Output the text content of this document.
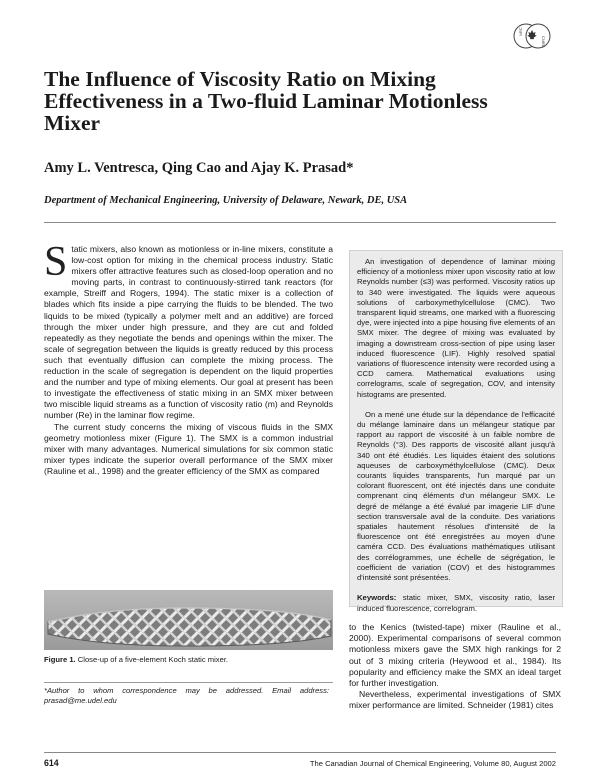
NRC
CNRC
The Influence of Viscosity Ratio on Mixing Effectiveness in a Two-fluid Laminar Motionless Mixer
Amy L. Ventresca, Qing Cao and Ajay K. Prasad*
Department of Mechanical Engineering, University of Delaware, Newark, DE, USA

Static mixers, also known as motionless or in-line mixers, constitute a low-cost option for mixing in the chemical process industry. Static mixers offer attractive features such as closed-loop operation and no moving parts, in contrast to continuously-stirred tank reactors (for example, Streiff and Rogers, 1994). The static mixer is a collection of blades which fits inside a pipe carrying the fluids to be blended. The two liquids to be mixed (typically a polymer melt and an additive) are forced through the mixer under high pressure, and they are cut and folded repeatedly as they negotiate the bends and openings within the mixer. The scale of segregation between the liquids is greatly reduced by this process such that eventually diffusion can complete the mixing process. The reduction in the scale of segregation is dependent on the liquid properties and the number and type of mixing elements. Our goal at present has been to investigate the effectiveness of static mixing in an SMX mixer between two miscible liquid streams as a function of viscosity ratio (m) and Reynolds number (Re) in the laminar flow regime.

The current study concerns the mixing of viscous fluids in the SMX geometry motionless mixer (Figure 1). The SMX is a common industrial mixer with many advantages. Numerical simulations for six common static mixer types indicate the superior overall performance of the SMX mixer (Rauline et al., 1998) and the greater efficiency of the SMX as compared

An investigation of dependence of laminar mixing efficiency of a motionless mixer upon viscosity ratio at low Reynolds number (≤3) was performed. Viscosity ratios up to 340 were investigated. The liquids were aqueous solutions of carboxymethylcellulose (CMC). Two transparent liquid streams, one marked with a fluorescing dye, were injected into a pipe housing five elements of an SMX mixer. The degree of mixing was evaluated by imaging a downstream cross-section of pipe using laser induced fluorescence (LIF). Highly resolved spatial variations of fluorescence intensity were recorded using a CCD camera. Mathematical evaluations using correlograms, scale of segregation, COV, and intensity histograms are presented.

On a mené une étude sur la dépendance de l'efficacité du mélange laminaire dans un mélangeur statique par rapport au rapport de viscosité à un faible nombre de Reynolds (°3). Des rapports de viscosité allant jusqu'à 340 ont été étudiés. Les liquides étaient des solutions aqueuses de carboxyméthylcellulose (CMC). Deux courants liquides transparents, l'un marqué par un colorant fluorescent, ont été injectés dans une conduite comprenant cinq éléments d'un mélangeur SMX. Le degré de mélange a été évalué par imagerie LIF d'une section transversale aval de la conduite. Des variations spatiales hautement résolues d'intensité de la fluorescence ont été enregistrées au moyen d'une caméra CCD. Des évaluations mathématiques utilisant des corrélogrammes, une échelle de ségrégation, le coefficient de variation (COV) et des histogrammes d'intensité sont présentées.

Keywords: static mixer, SMX, viscosity ratio, laser induced fluorescence, correlogram.

Figure 1. Close-up of a five-element Koch static mixer.
*Author to whom correspondence may be addressed. Email address: prasad@me.udel.edu

to the Kenics (twisted-tape) mixer (Rauline et al., 2000). Experimental comparisons of several common motionless mixers gave the SMX high rankings for 2 out of 3 mixing criteria (Heywood et al., 1984). Its popularity and efficiency make the SMX an ideal target for further investigation.

Nevertheless, experimental investigations of SMX mixer performance are limited. Schneider (1981) cites

614	The Canadian Journal of Chemical Engineering, Volume 80, August 2002
